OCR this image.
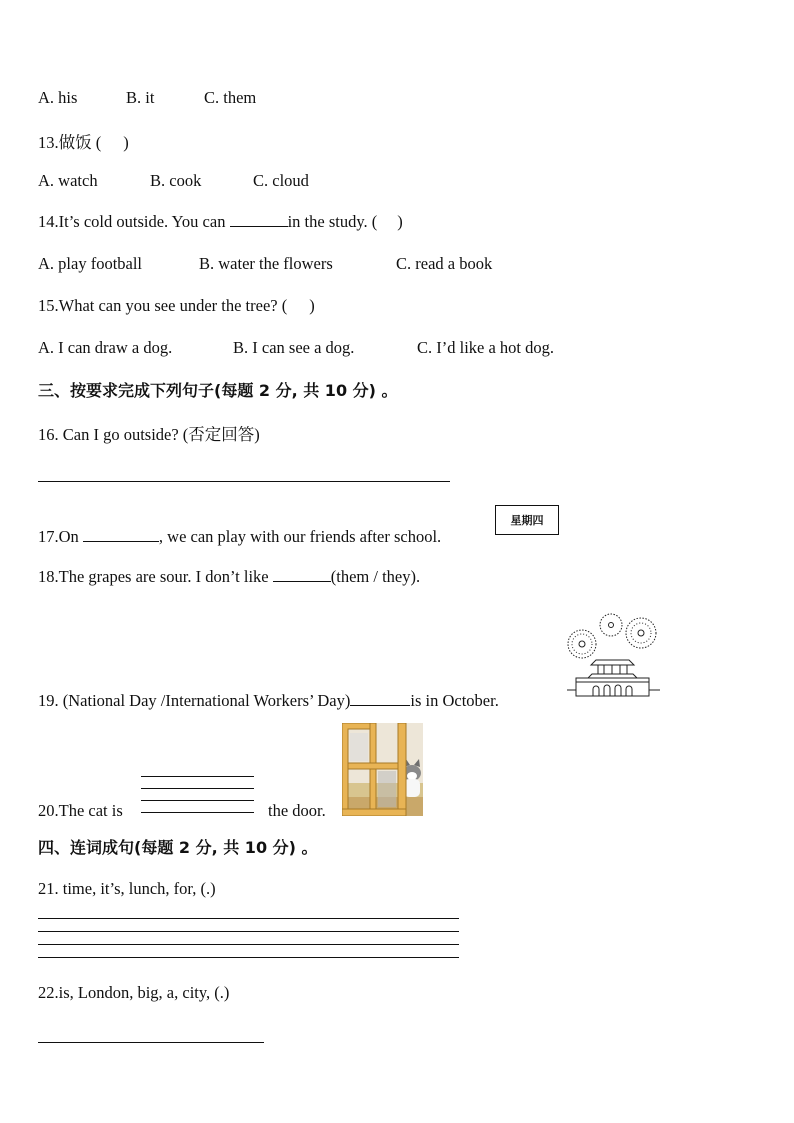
A. his	B. it	C. them
13.做饭 ( )
A. watch	B. cook	C. cloud
14.It’s cold outside. You can	in the study. ( )
A. play football	B. water the flowers	C. read a book
15.What can you see under the tree? ( )
A. I can draw a dog.	B. I can see a dog.	C. I’d like a hot dog.
三、按要求完成下列句子(每题 2 分, 共 10 分) 。
16. Can I go outside? (否定回答)
17.On	, we can play with our friends after school.
星期四
18.The grapes are sour. I don’t like	(them / they).
19. (National Day /International Workers’ Day)	is in October.
20.The cat is	the door.
四、连词成句(每题 2 分, 共 10 分) 。
21. time, it’s, lunch, for, (.)
22.is, London, big, a, city, (.)
